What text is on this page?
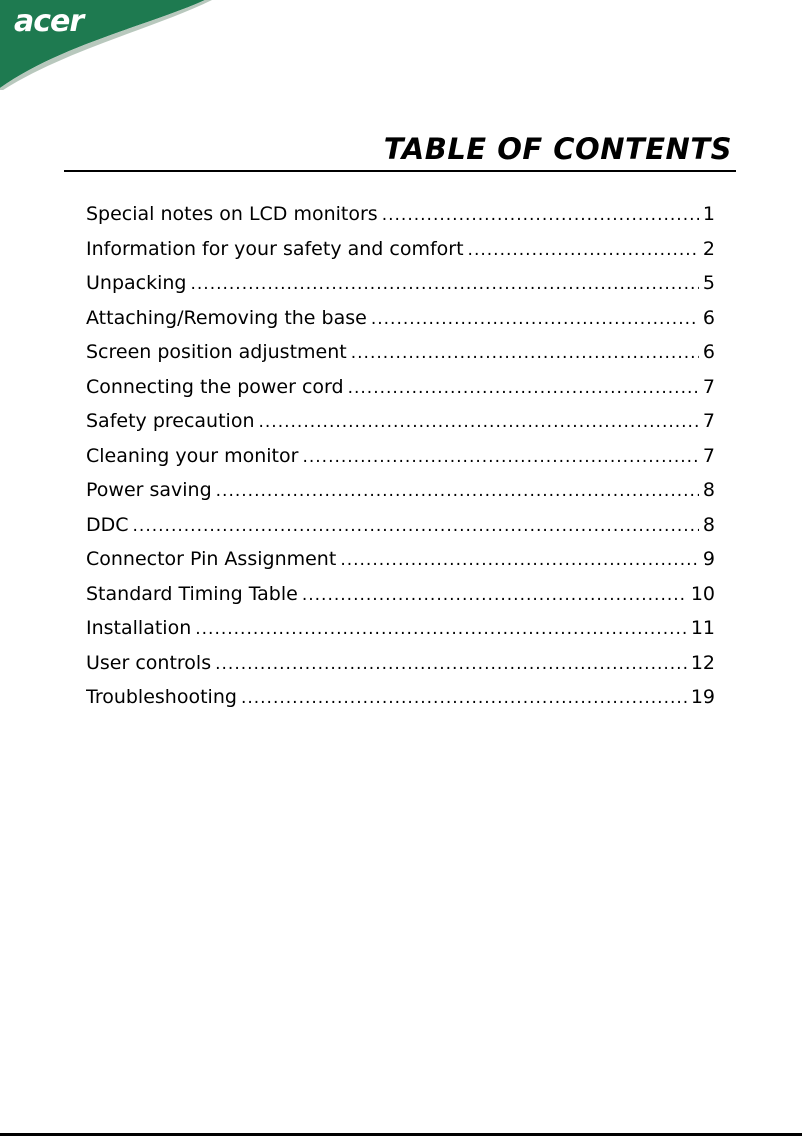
acer
TABLE OF CONTENTS
Special notes on LCD monitors .....	1
Information for your safety and comfort .....	2
Unpacking .....	5
Attaching/Removing the base .....	6
Screen position adjustment .....	6
Connecting the power cord .....	7
Safety precaution .....	7
Cleaning your monitor .....	7
Power saving .....	8
DDC .....	8
Connector Pin Assignment .....	9
Standard Timing Table .....	10
Installation .....	11
User controls .....	12
Troubleshooting .....	19
